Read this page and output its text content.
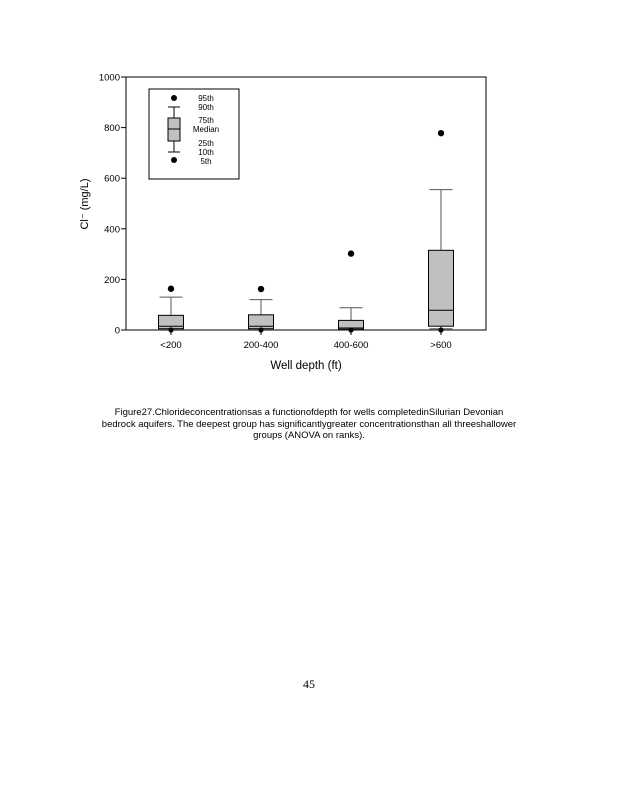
0
200
400
600
800
1000
<200	200-400	400-600	>600
Cl⁻ (mg/L)
Well depth (ft)
95th
90th
75th
Median
25th
10th
5th
Figure27.Chlorideconcentrationsas a functionofdepth for wells completedinSilurian Devonian
bedrock aquifers. The deepest group has significantlygreater concentrationsthan all threeshallower
groups (ANOVA on ranks).
45
